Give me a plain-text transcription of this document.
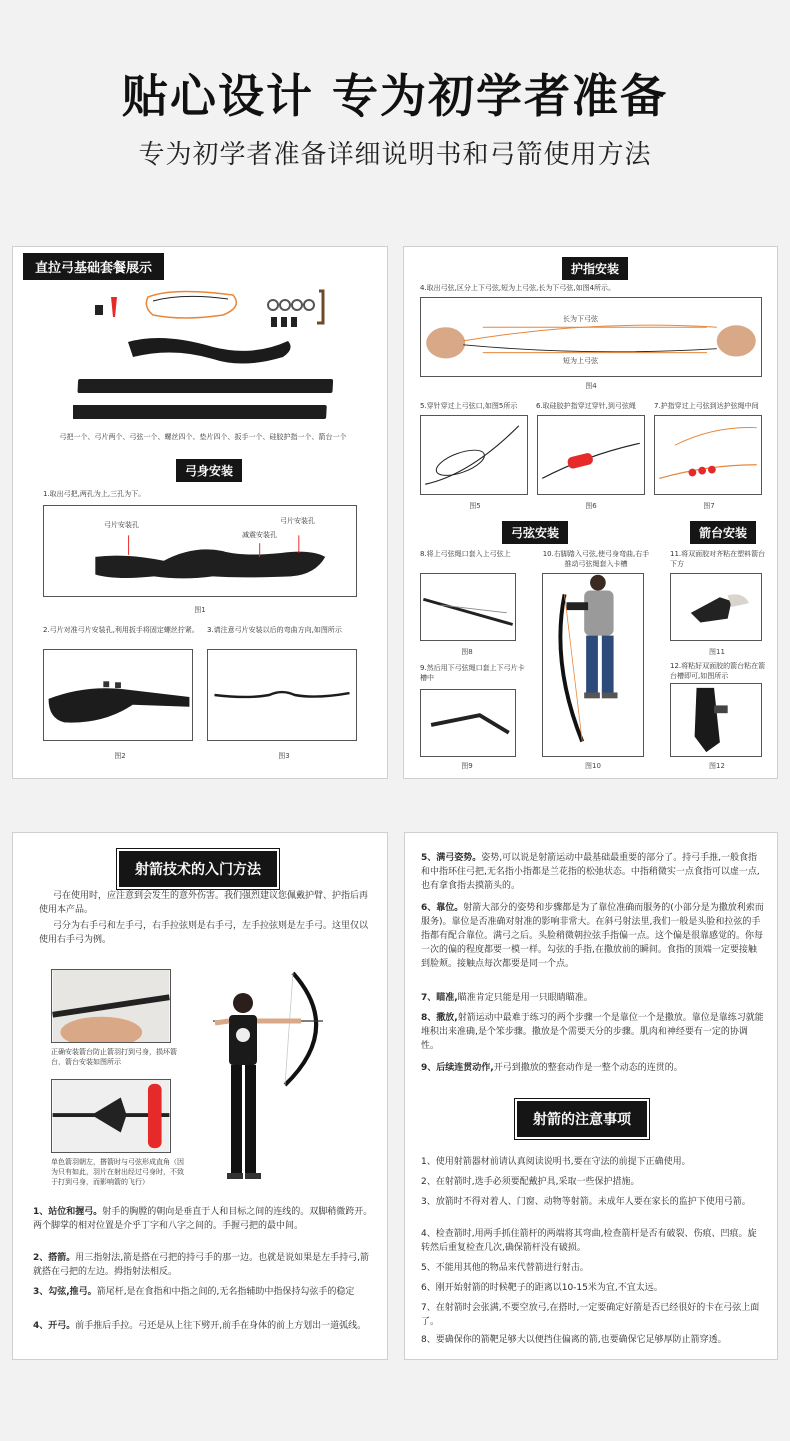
贴心设计 专为初学者准备
专为初学者准备详细说明书和弓箭使用方法
直拉弓基础套餐展示
弓把一个、弓片两个、弓弦一个、螺丝四个、垫片四个、扳手一个、硅胶护指一个、箭台一个
弓身安装
1.取出弓把,两孔为上,三孔为下。
弓片安装孔
减震安装孔
弓片安装孔
图1
2.弓片对准弓片安装孔,利用扳手将固定螺丝拧紧。	3.请注意弓片安装以后的弯曲方向,如图所示
图2	图3
护指安装
4.取出弓弦,区分上下弓弦,短为上弓弦,长为下弓弦,如图4所示。
长为下弓弦
短为上弓弦
图4
5.穿针穿过上弓弦口,如图5所示	6.取硅胶护指穿过穿针,到弓弦绳	7.护指穿过上弓弦到达护弦绳中间
图5	图6	图7
弓弦安装	箭台安装
8.将上弓弦绳口套入上弓弦上	10.右脚踏入弓弦,使弓身弯曲,右手推动弓弦绳套入卡槽
11.将双面胶对齐粘在塑料箭台下方
图8	图11
9.然后用下弓弦绳口套上下弓片卡槽中
12.将粘好双面胶的箭台粘在箭台槽即可,如图所示
图9	图10	图12
射箭技术的入门方法
弓在使用时，应注意到会发生的意外伤害。我们强烈建议您佩戴护臂、护指后再使用本产品。
弓分为右手弓和左手弓，右手拉弦则是右手弓，左手拉弦则是左手弓。这里仅以使用右手弓为例。
正确安装箭台防止箭羽打到弓身，损坏箭台，箭台安装如图所示
单色箭羽朝左，撘箭时与弓弦形成直角（因为只有如此，羽片在射出经过弓身时，不致于打到弓身，而影响箭的飞行）
1、站位和握弓。射手的胸膛的朝向是垂直于人和目标之间的连线的。双脚稍微跨开。两个脚掌的相对位置是介乎丁字和八字之间的。手握弓把的最中间。
2、搭箭。用三指射法,箭是搭在弓把的持弓手的那一边。也就是说如果是左手持弓,箭就搭在弓把的左边。拇指射法相反。
3、勾弦,推弓。箭尾杆,是在食指和中指之间的,无名指辅助中指保持勾弦手的稳定
4、开弓。前手推后手拉。弓还是从上往下劈开,前手在身体的前上方划出一道弧线。
5、满弓姿势。姿势,可以说是射箭运动中最基础最重要的部分了。持弓手推,一般食指和中指环住弓把,无名指小指都是兰花指的松弛状态。中指稍微实一点食指可以虚一点,也有拿食指去摸箭头的。
6、靠位。射箭大部分的姿势和步骤都是为了靠位准确而服务的(小部分是为撒放利索而服务)。靠位是否准确对射准的影响非常大。在斜弓射法里,我们一般是头脸和拉弦的手指都有配合靠位。满弓之后。头脸稍微朝拉弦手指偏一点。这个偏是很靠感觉的。你每一次的偏的程度都要一模一样。勾弦的手指,在撒放前的瞬间。食指的顶端一定要接触到脸颊。接触点每次都要是同一个点。
7、瞄准,瞄准肯定只能是用一只眼睛瞄准。
8、撒放,射箭运动中最难于练习的两个步骤一个是靠位一个是撒放。靠位是靠练习就能堆积出来准确,是个笨步骤。撒放是个需要天分的步骤。肌肉和神经要有一定的协调性。
9、后续连贯动作,开弓到撒放的整套动作是一整个动态的连贯的。
射箭的注意事项
1、使用射箭器材前请认真阅读说明书,要在守法的前提下正确使用。
2、在射箭时,选手必须要配戴护具,采取一些保护措施。
3、放箭时不得对着人、门窗、动物等射箭。未成年人要在家长的监护下使用弓箭。
4、检查箭时,用两手抓住箭杆的两端将其弯曲,检查箭杆是否有破裂、伤痕、凹痕。旋转然后重复检查几次,确保箭杆没有破损。
5、不能用其他的物品来代替箭进行射击。
6、刚开始射箭的时候靶子的距离以10-15米为宜,不宜太远。
7、在射箭时会张满,不要空放弓,在搭时,一定要确定好箭是否已经很好的卡在弓弦上面了。
8、要确保你的箭靶足够大以便挡住偏离的箭,也要确保它足够厚防止箭穿透。
